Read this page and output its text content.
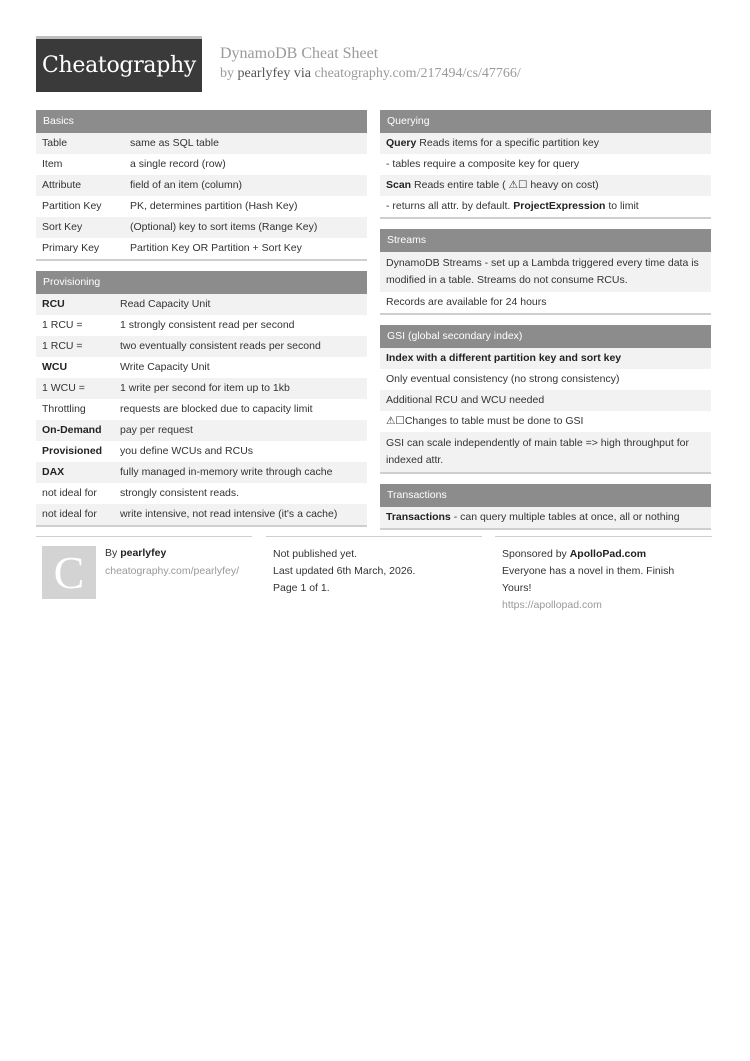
Cheatography DynamoDB Cheat Sheet
by pearlyfey via cheatography.com/217494/cs/47766/
Basics
Table	same as SQL table
Item	a single record (row)
Attribute	field of an item (column)
Partition Key	PK, determines partition (Hash Key)
Sort Key	(Optional) key to sort items (Range Key)
Primary Key	Partition Key OR Partition + Sort Key
Provisioning
RCU	Read Capacity Unit
1 RCU =	1 strongly consistent read per second
1 RCU =	two eventually consistent reads per second
WCU	Write Capacity Unit
1 WCU =	1 write per second for item up to 1kb
Throttling	requests are blocked due to capacity limit
On-Demand	pay per request
Provisioned	you define WCUs and RCUs
DAX	fully managed in-memory write through cache
not ideal for	strongly consistent reads.
not ideal for	write intensive, not read intensive (it's a cache)
Querying
Query Reads items for a specific partition key
- tables require a composite key for query
Scan Reads entire table ( ⚠☐ heavy on cost)
- returns all attr. by default. ProjectExpression to limit
Streams
DynamoDB Streams - set up a Lambda triggered every time data is modified in a table. Streams do not consume RCUs.
Records are available for 24 hours
GSI (global secondary index)
Index with a different partition key and sort key
Only eventual consistency (no strong consistency)
Additional RCU and WCU needed
⚠☐Changes to table must be done to GSI
GSI can scale independently of main table => high throughput for indexed attr.
Transactions
Transactions - can query multiple tables at once, all or nothing
C By pearlyfey
cheatography.com/pearlyfey/
Not published yet.
Last updated 6th March, 2026.
Page 1 of 1.
Sponsored by ApolloPad.com
Everyone has a novel in them. Finish Yours!
https://apollopad.com
